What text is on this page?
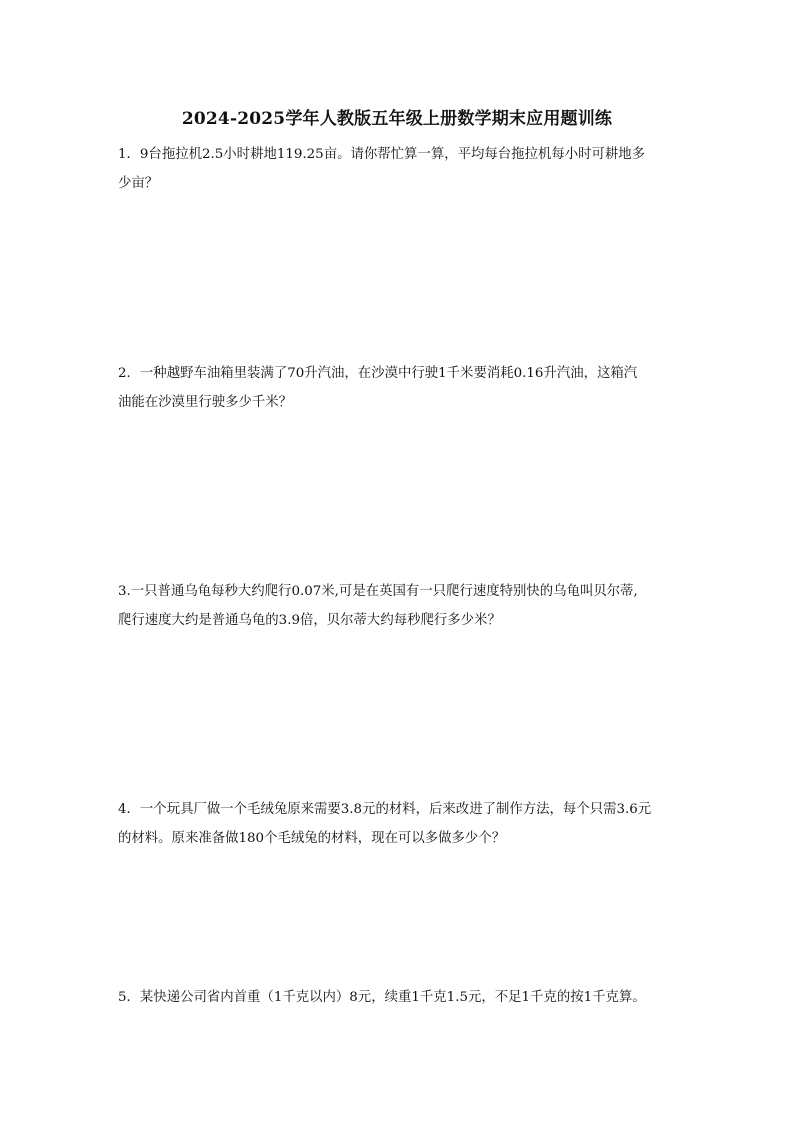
2024-2025学年人教版五年级上册数学期末应用题训练
1．9台拖拉机2.5小时耕地119.25亩。请你帮忙算一算，平均每台拖拉机每小时可耕地多
少亩？
2．一种越野车油箱里装满了70升汽油，在沙漠中行驶1千米要消耗0.16升汽油，这箱汽
油能在沙漠里行驶多少千米？
3.一只普通乌龟每秒大约爬行0.07米,可是在英国有一只爬行速度特别快的乌龟叫贝尔蒂,
爬行速度大约是普通乌龟的3.9倍，贝尔蒂大约每秒爬行多少米？
4．一个玩具厂做一个毛绒兔原来需要3.8元的材料，后来改进了制作方法，每个只需3.6元
的材料。原来准备做180个毛绒兔的材料，现在可以多做多少个？
5．某快递公司省内首重（1千克以内）8元，续重1千克1.5元，不足1千克的按1千克算。
